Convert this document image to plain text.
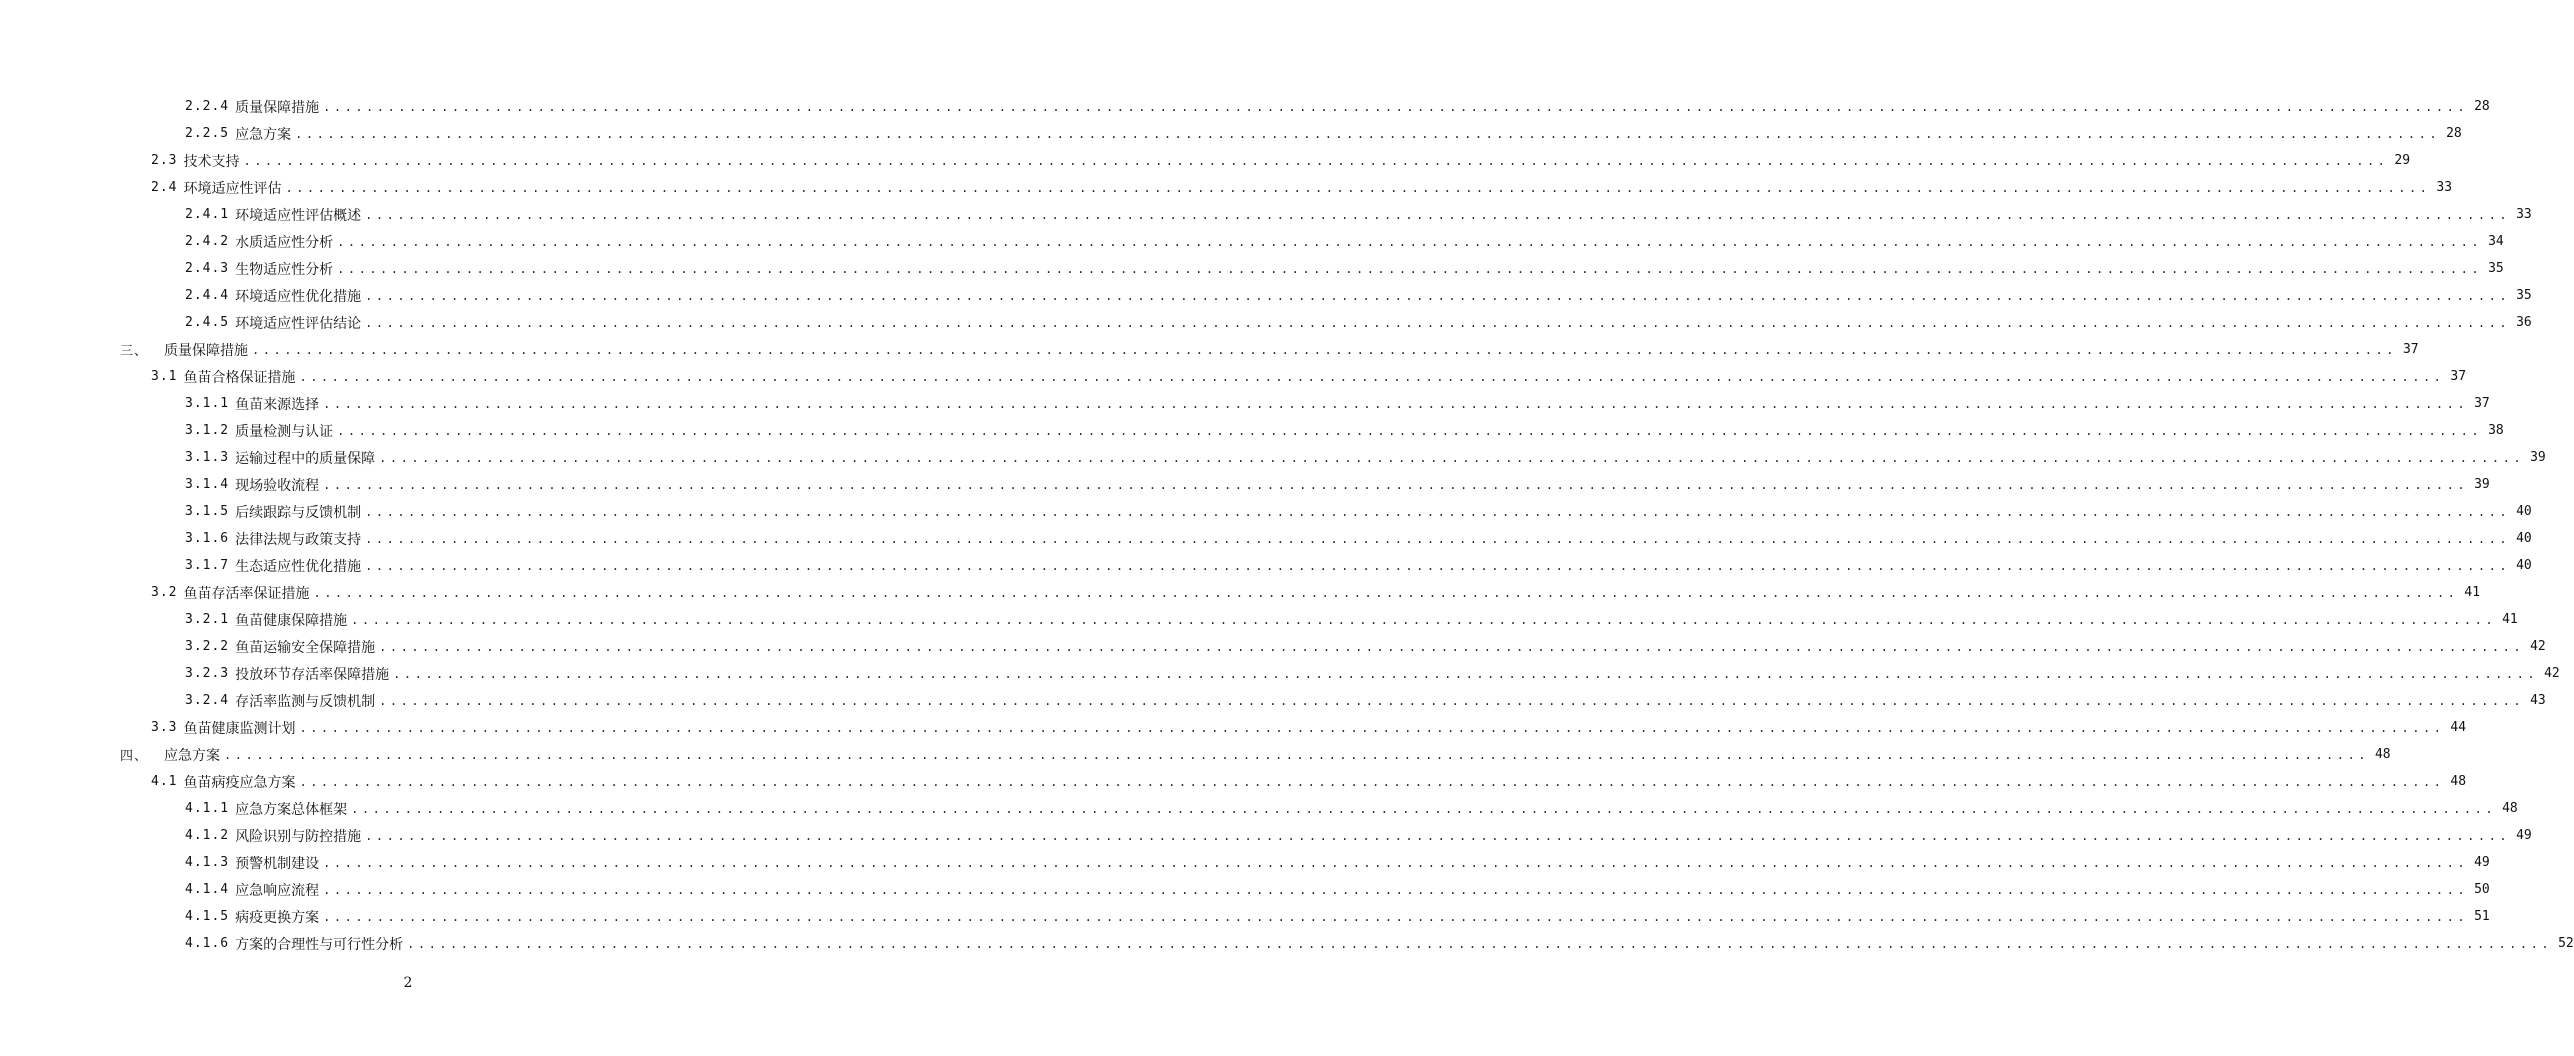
2.2.4 质量保障措施 ........................................................................................................................................................................................................ 28
2.2.5 应急方案 ........................................................................................................................................................................................................ 28
2.3 技术支持 ........................................................................................................................................................................................................ 29
2.4 环境适应性评估 ........................................................................................................................................................................................................ 33
2.4.1 环境适应性评估概述 ........................................................................................................................................................................................................ 33
2.4.2 水质适应性分析 ........................................................................................................................................................................................................ 34
2.4.3 生物适应性分析 ........................................................................................................................................................................................................ 35
2.4.4 环境适应性优化措施 ........................................................................................................................................................................................................ 35
2.4.5 环境适应性评估结论 ........................................................................................................................................................................................................ 36
三、 质量保障措施 ........................................................................................................................................................................................................ 37
3.1 鱼苗合格保证措施 ........................................................................................................................................................................................................ 37
3.1.1 鱼苗来源选择 ........................................................................................................................................................................................................ 37
3.1.2 质量检测与认证 ........................................................................................................................................................................................................ 38
3.1.3 运输过程中的质量保障 ........................................................................................................................................................................................................ 39
3.1.4 现场验收流程 ........................................................................................................................................................................................................ 39
3.1.5 后续跟踪与反馈机制 ........................................................................................................................................................................................................ 40
3.1.6 法律法规与政策支持 ........................................................................................................................................................................................................ 40
3.1.7 生态适应性优化措施 ........................................................................................................................................................................................................ 40
3.2 鱼苗存活率保证措施 ........................................................................................................................................................................................................ 41
3.2.1 鱼苗健康保障措施 ........................................................................................................................................................................................................ 41
3.2.2 鱼苗运输安全保障措施 ........................................................................................................................................................................................................ 42
3.2.3 投放环节存活率保障措施 ........................................................................................................................................................................................................ 42
3.2.4 存活率监测与反馈机制 ........................................................................................................................................................................................................ 43
3.3 鱼苗健康监测计划 ........................................................................................................................................................................................................ 44
四、 应急方案 ........................................................................................................................................................................................................ 48
4.1 鱼苗病疫应急方案 ........................................................................................................................................................................................................ 48
4.1.1 应急方案总体框架 ........................................................................................................................................................................................................ 48
4.1.2 风险识别与防控措施 ........................................................................................................................................................................................................ 49
4.1.3 预警机制建设 ........................................................................................................................................................................................................ 49
4.1.4 应急响应流程 ........................................................................................................................................................................................................ 50
4.1.5 病疫更换方案 ........................................................................................................................................................................................................ 51
4.1.6 方案的合理性与可行性分析 ........................................................................................................................................................................................................ 52
2
